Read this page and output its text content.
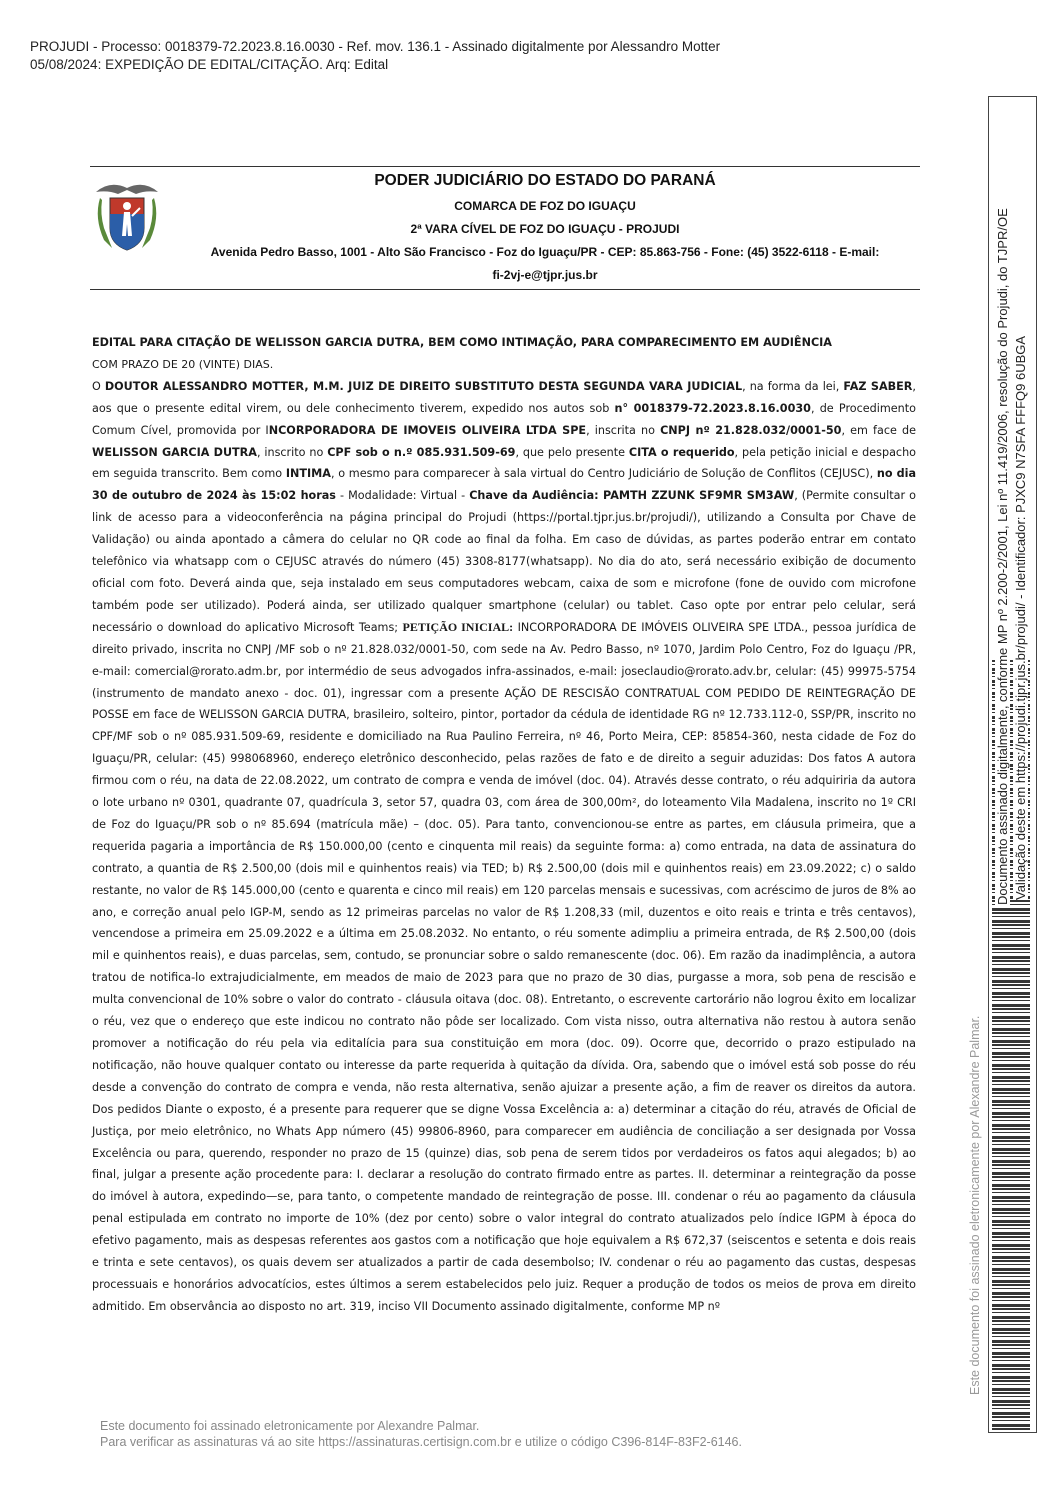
PROJUDI - Processo: 0018379-72.2023.8.16.0030 - Ref. mov. 136.1 - Assinado digitalmente por Alessandro Motter
05/08/2024: EXPEDIÇÃO DE EDITAL/CITAÇÃO. Arq: Edital
PODER JUDICIÁRIO DO ESTADO DO PARANÁ
COMARCA DE FOZ DO IGUAÇU
2ª VARA CÍVEL DE FOZ DO IGUAÇU - PROJUDI
Avenida Pedro Basso, 1001 - Alto São Francisco - Foz do Iguaçu/PR - CEP: 85.863-756 - Fone: (45) 3522-6118 - E-mail:
fi-2vj-e@tjpr.jus.br

EDITAL PARA CITAÇÃO DE WELISSON GARCIA DUTRA, BEM COMO INTIMAÇÃO, PARA COMPARECIMENTO EM AUDIÊNCIA

COM PRAZO DE 20 (VINTE) DIAS.

O DOUTOR ALESSANDRO MOTTER, M.M. JUIZ DE DIREITO SUBSTITUTO DESTA SEGUNDA VARA JUDICIAL, na forma da lei, FAZ SABER, aos que o presente edital virem, ou dele conhecimento tiverem, expedido nos autos sob n° 0018379-72.2023.8.16.0030, de Procedimento Comum Cível, promovida por INCORPORADORA DE IMOVEIS OLIVEIRA LTDA SPE, inscrita no CNPJ nº 21.828.032/0001-50, em face de WELISSON GARCIA DUTRA, inscrito no CPF sob o n.º 085.931.509-69, que pelo presente CITA o requerido, pela petição inicial e despacho em seguida transcrito. Bem como INTIMA, o mesmo para comparecer à sala virtual do Centro Judiciário de Solução de Conflitos (CEJUSC), no dia 30 de outubro de 2024 às 15:02 horas - Modalidade: Virtual - Chave da Audiência: PAMTH ZZUNK SF9MR SM3AW, (Permite consultar o link de acesso para a videoconferência na página principal do Projudi (https://portal.tjpr.jus.br/projudi/), utilizando a Consulta por Chave de Validação) ou ainda apontado a câmera do celular no QR code ao final da folha. Em caso de dúvidas, as partes poderão entrar em contato telefônico via whatsapp com o CEJUSC através do número (45) 3308-8177(whatsapp). No dia do ato, será necessário exibição de documento oficial com foto. Deverá ainda que, seja instalado em seus computadores webcam, caixa de som e microfone (fone de ouvido com microfone também pode ser utilizado). Poderá ainda, ser utilizado qualquer smartphone (celular) ou tablet. Caso opte por entrar pelo celular, será necessário o download do aplicativo Microsoft Teams; PETIÇÃO INICIAL: INCORPORADORA DE IMÓVEIS OLIVEIRA SPE LTDA., pessoa jurídica de direito privado, inscrita no CNPJ /MF sob o nº 21.828.032/0001-50, com sede na Av. Pedro Basso, nº 1070, Jardim Polo Centro, Foz do Iguaçu /PR, e-mail: comercial@rorato.adm.br, por intermédio de seus advogados infra-assinados, e-mail: joseclaudio@rorato.adv.br, celular: (45) 99975-5754 (instrumento de mandato anexo - doc. 01), ingressar com a presente AÇÃO DE RESCISÃO CONTRATUAL COM PEDIDO DE REINTEGRAÇÃO DE POSSE em face de WELISSON GARCIA DUTRA, brasileiro, solteiro, pintor, portador da cédula de identidade RG nº 12.733.112-0, SSP/PR, inscrito no CPF/MF sob o nº 085.931.509-69, residente e domiciliado na Rua Paulino Ferreira, nº 46, Porto Meira, CEP: 85854-360, nesta cidade de Foz do Iguaçu/PR, celular: (45) 998068960, endereço eletrônico desconhecido, pelas razões de fato e de direito a seguir aduzidas: Dos fatos A autora firmou com o réu, na data de 22.08.2022, um contrato de compra e venda de imóvel (doc. 04). Através desse contrato, o réu adquiriria da autora o lote urbano nº 0301, quadrante 07, quadrícula 3, setor 57, quadra 03, com área de 300,00m², do loteamento Vila Madalena, inscrito no 1º CRI de Foz do Iguaçu/PR sob o nº 85.694 (matrícula mãe) – (doc. 05). Para tanto, convencionou-se entre as partes, em cláusula primeira, que a requerida pagaria a importância de R$ 150.000,00 (cento e cinquenta mil reais) da seguinte forma: a) como entrada, na data de assinatura do contrato, a quantia de R$ 2.500,00 (dois mil e quinhentos reais) via TED; b) R$ 2.500,00 (dois mil e quinhentos reais) em 23.09.2022; c) o saldo restante, no valor de R$ 145.000,00 (cento e quarenta e cinco mil reais) em 120 parcelas mensais e sucessivas, com acréscimo de juros de 8% ao ano, e correção anual pelo IGP-M, sendo as 12 primeiras parcelas no valor de R$ 1.208,33 (mil, duzentos e oito reais e trinta e três centavos), vencendose a primeira em 25.09.2022 e a última em 25.08.2032. No entanto, o réu somente adimpliu a primeira entrada, de R$ 2.500,00 (dois mil e quinhentos reais), e duas parcelas, sem, contudo, se pronunciar sobre o saldo remanescente (doc. 06). Em razão da inadimplência, a autora tratou de notifica-lo extrajudicialmente, em meados de maio de 2023 para que no prazo de 30 dias, purgasse a mora, sob pena de rescisão e multa convencional de 10% sobre o valor do contrato - cláusula oitava (doc. 08). Entretanto, o escrevente cartorário não logrou êxito em localizar o réu, vez que o endereço que este indicou no contrato não pôde ser localizado. Com vista nisso, outra alternativa não restou à autora senão promover a notificação do réu pela via editalícia para sua constituição em mora (doc. 09). Ocorre que, decorrido o prazo estipulado na notificação, não houve qualquer contato ou interesse da parte requerida à quitação da dívida. Ora, sabendo que o imóvel está sob posse do réu desde a convenção do contrato de compra e venda, não resta alternativa, senão ajuizar a presente ação, a fim de reaver os direitos da autora. Dos pedidos Diante o exposto, é a presente para requerer que se digne Vossa Excelência a: a) determinar a citação do réu, através de Oficial de Justiça, por meio eletrônico, no Whats App número (45) 99806-8960, para comparecer em audiência de conciliação a ser designada por Vossa Excelência ou para, querendo, responder no prazo de 15 (quinze) dias, sob pena de serem tidos por verdadeiros os fatos aqui alegados; b) ao final, julgar a presente ação procedente para: I. declarar a resolução do contrato firmado entre as partes. II. determinar a reintegração da posse do imóvel à autora, expedindo—se, para tanto, o competente mandado de reintegração de posse. III. condenar o réu ao pagamento da cláusula penal estipulada em contrato no importe de 10% (dez por cento) sobre o valor integral do contrato atualizados pelo índice IGPM à época do efetivo pagamento, mais as despesas referentes aos gastos com a notificação que hoje equivalem a R$ 672,37 (seiscentos e setenta e dois reais e trinta e sete centavos), os quais devem ser atualizados a partir de cada desembolso; IV. condenar o réu ao pagamento das custas, despesas processuais e honorários advocatícios, estes últimos a serem estabelecidos pelo juiz. Requer a produção de todos os meios de prova em direito admitido. Em observância ao disposto no art. 319, inciso VII Documento assinado digitalmente, conforme MP nº

Este documento foi assinado eletronicamente por Alexandre Palmar.
Para verificar as assinaturas vá ao site https://assinaturas.certisign.com.br e utilize o código C396-814F-83F2-6146.
Este documento foi assinado eletronicamente por Alexandre Palmar.
Documento assinado digitalmente, conforme MP nº 2.200-2/2001, Lei nº 11.419/2006, resolução do Projudi, do TJPR/OE Validação deste em https://projudi.tjpr.jus.br/projudi/ - Identificador: PJXC9 N7SFA FFFQ9 6UBGA
